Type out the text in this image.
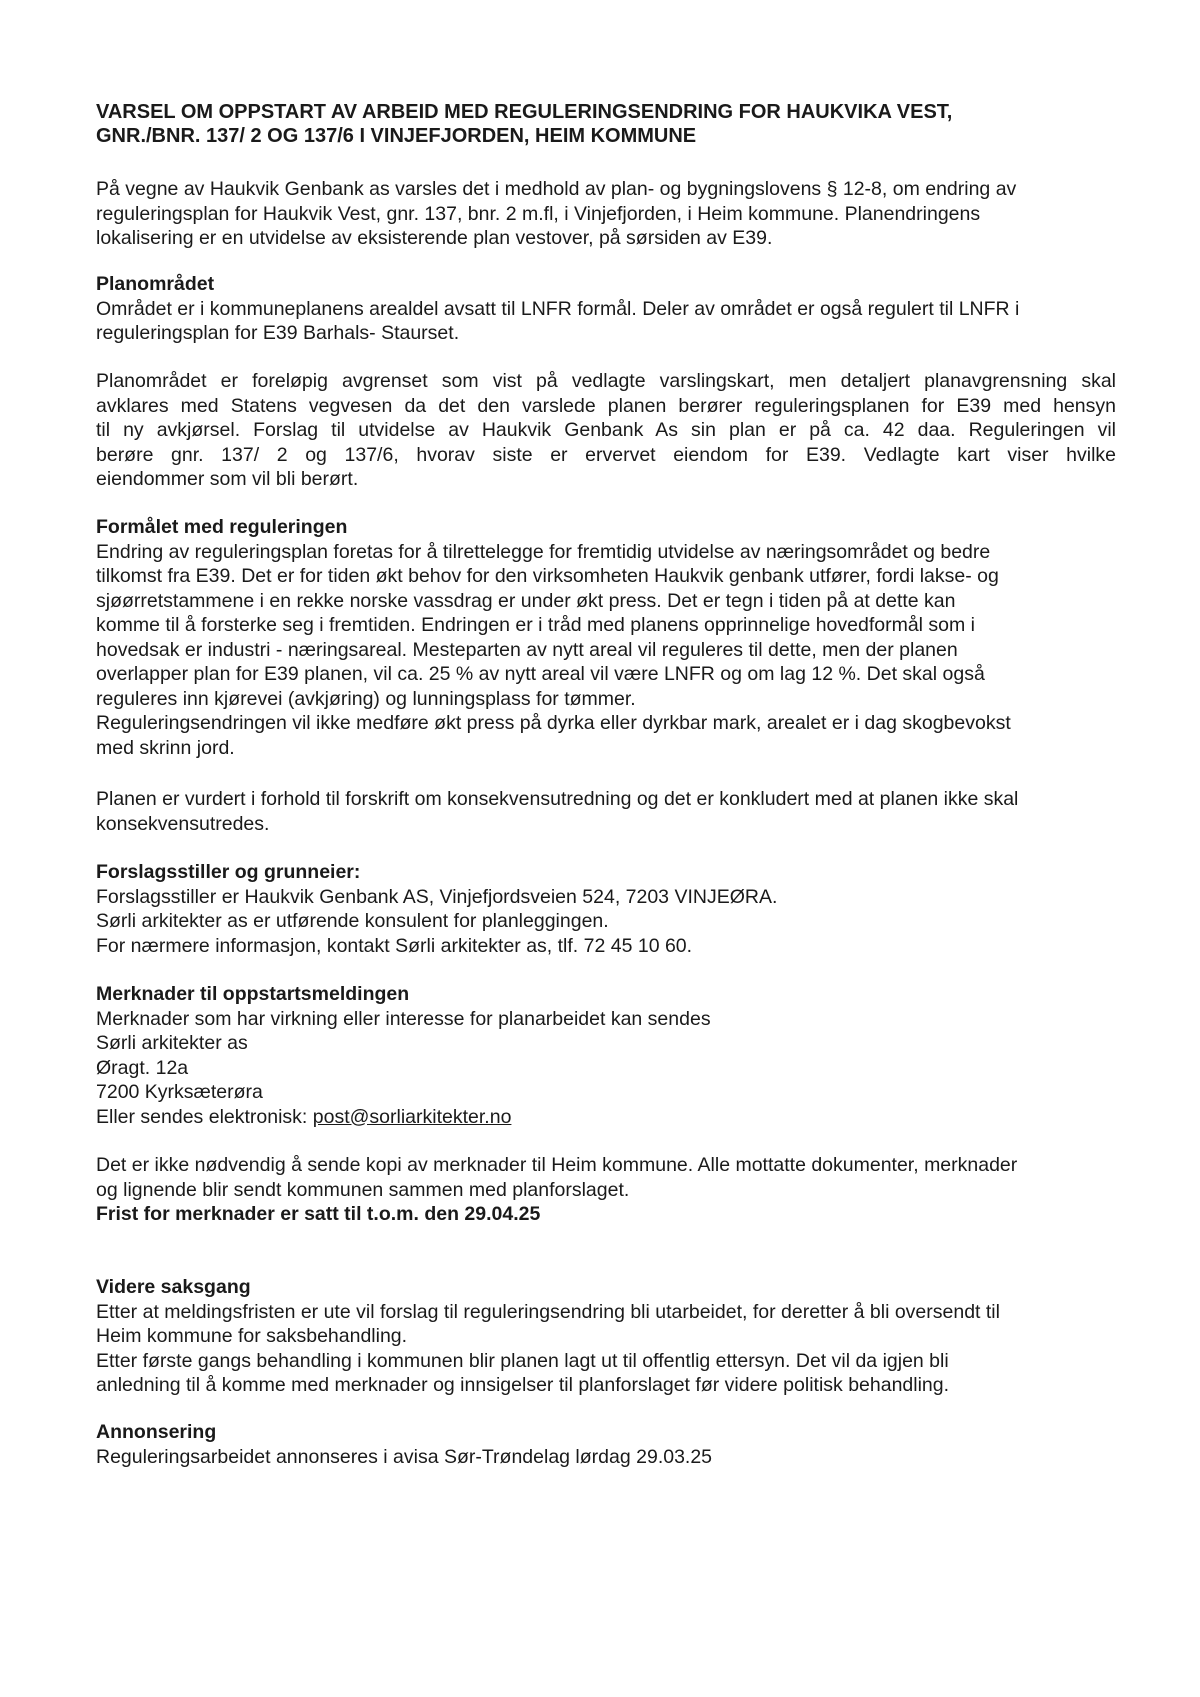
VARSEL OM OPPSTART AV ARBEID MED REGULERINGSENDRING FOR HAUKVIKA VEST,
GNR./BNR. 137/ 2 OG 137/6 I VINJEFJORDEN, HEIM KOMMUNE

På vegne av Haukvik Genbank as varsles det i medhold av plan- og bygningslovens § 12-8, om endring av

reguleringsplan for Haukvik Vest, gnr. 137, bnr. 2 m.fl, i Vinjefjorden, i Heim kommune. Planendringens

lokalisering er en utvidelse av eksisterende plan vestover, på sørsiden av E39.

Planområdet

Området er i kommuneplanens arealdel avsatt til LNFR formål. Deler av området er også regulert til LNFR i

reguleringsplan for E39 Barhals- Staurset.

Planområdet er foreløpig avgrenset som vist på vedlagte varslingskart, men detaljert planavgrensning skal

avklares med Statens vegvesen da det den varslede planen berører reguleringsplanen for E39 med hensyn

til ny avkjørsel. Forslag til utvidelse av Haukvik Genbank As sin plan er på ca. 42 daa. Reguleringen vil

berøre gnr. 137/ 2 og 137/6, hvorav siste er ervervet eiendom for E39. Vedlagte kart viser hvilke

eiendommer som vil bli berørt.

Formålet med reguleringen

Endring av reguleringsplan foretas for å tilrettelegge for fremtidig utvidelse av næringsområdet og bedre

tilkomst fra E39. Det er for tiden økt behov for den virksomheten Haukvik genbank utfører, fordi lakse- og

sjøørretstammene i en rekke norske vassdrag er under økt press. Det er tegn i tiden på at dette kan

komme til å forsterke seg i fremtiden. Endringen er i tråd med planens opprinnelige hovedformål som i

hovedsak er industri - næringsareal. Mesteparten av nytt areal vil reguleres til dette, men der planen

overlapper plan for E39 planen, vil ca. 25 % av nytt areal vil være LNFR og om lag 12 %. Det skal også

reguleres inn kjørevei (avkjøring) og lunningsplass for tømmer.

Reguleringsendringen vil ikke medføre økt press på dyrka eller dyrkbar mark, arealet er i dag skogbevokst

med skrinn jord.

Planen er vurdert i forhold til forskrift om konsekvensutredning og det er konkludert med at planen ikke skal

konsekvensutredes.

Forslagsstiller og grunneier:

Forslagsstiller er Haukvik Genbank AS, Vinjefjordsveien 524, 7203 VINJEØRA.

Sørli arkitekter as er utførende konsulent for planleggingen.

For nærmere informasjon, kontakt Sørli arkitekter as, tlf. 72 45 10 60.

Merknader til oppstartsmeldingen

Merknader som har virkning eller interesse for planarbeidet kan sendes

Sørli arkitekter as

Øragt. 12a

7200 Kyrksæterøra

Eller sendes elektronisk: post@sorliarkitekter.no

Det er ikke nødvendig å sende kopi av merknader til Heim kommune. Alle mottatte dokumenter, merknader

og lignende blir sendt kommunen sammen med planforslaget.

Frist for merknader er satt til t.o.m. den 29.04.25

Videre saksgang

Etter at meldingsfristen er ute vil forslag til reguleringsendring bli utarbeidet, for deretter å bli oversendt til

Heim kommune for saksbehandling.

Etter første gangs behandling i kommunen blir planen lagt ut til offentlig ettersyn. Det vil da igjen bli

anledning til å komme med merknader og innsigelser til planforslaget før videre politisk behandling.

Annonsering

Reguleringsarbeidet annonseres i avisa Sør-Trøndelag lørdag 29.03.25
